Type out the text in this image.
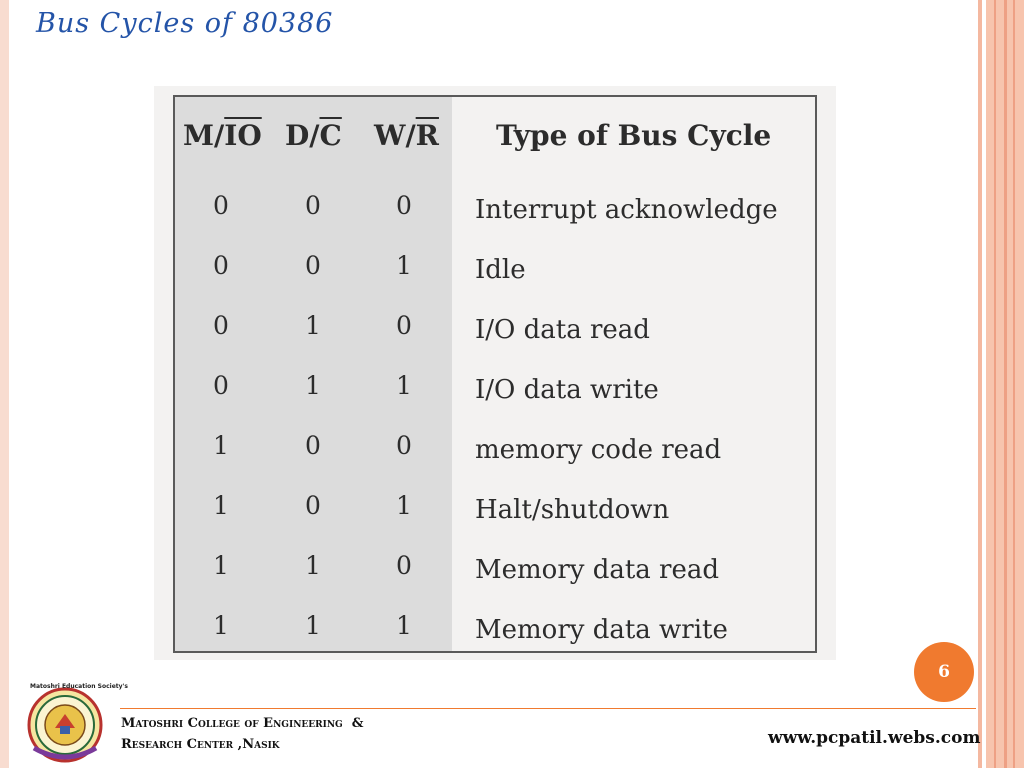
Bus Cycles of 80386
$M/\overline{IO}$ $D/\overline{C}$ $W/\overline{R}$ Type of Bus Cycle
0	0	0	Interrupt acknowledge
0	0	1	Idle
0	1	0	I/O data read
0	1	1	I/O data write
1	0	0	memory code read
1	0	1	Halt/shutdown
1	1	0	Memory data read
1	1	1	Memory data write
6
Matoshri Education Society's
Matoshri College of Engineering  &
Research Center ,Nasik	www.pcpatil.webs.com
